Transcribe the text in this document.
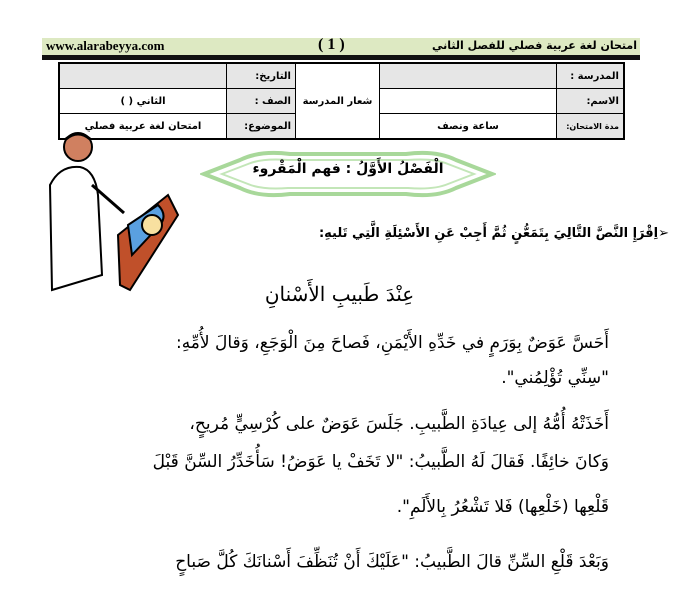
www.alarabeyya.com	( 1 )	امتحان لغة عربية فصلي للفصل الثاني
المدرسة :		شعار المدرسة	التاريخ:	
الاسم:			الصف :	الثاني ( )
مدة الامتحان:	ساعة ونصف		الموضوع:	امتحان لغة عربية فصلي
الْفَصْلُ الأَوَّلُ : فهم الْمَقْروء
➢اِقْرَإِ النَّصَّ التَّالِيَ بِتَمَعُّنٍ ثُمَّ أَجِبْ عَنِ الأَسْئِلَةِ الَّتِي تَليهِ:
عِنْدَ طَبيبِ الأَسْنانِ
أَحَسَّ عَوَضٌ بِوَرَمٍ في خَدِّهِ الأَيْمَنِ، فَصاحَ مِنَ الْوَجَعِ، وَقالَ لأُمِّهِ:
"سِنِّي تُؤْلِمُني".
أَخَذَتْهُ أُمُّهُ إلى عِيادَةِ الطَّبيبِ. جَلَسَ عَوَضٌ على كُرْسِيٍّ مُريحٍ،
وَكانَ خائِفًا. فَقالَ لَهُ الطَّبيبُ: "لا تَخَفْ يا عَوَضُ! سَأُخَدِّرُ السِّنَّ قَبْلَ
قَلْعِها (خَلْعِها) فَلا تَشْعُرُ بِالأَلَمِ".
وَبَعْدَ قَلْعِ السِّنِّ قالَ الطَّبيبُ: "عَلَيْكَ أَنْ تُنَظِّفَ أَسْنانَكَ كُلَّ صَباحٍ
